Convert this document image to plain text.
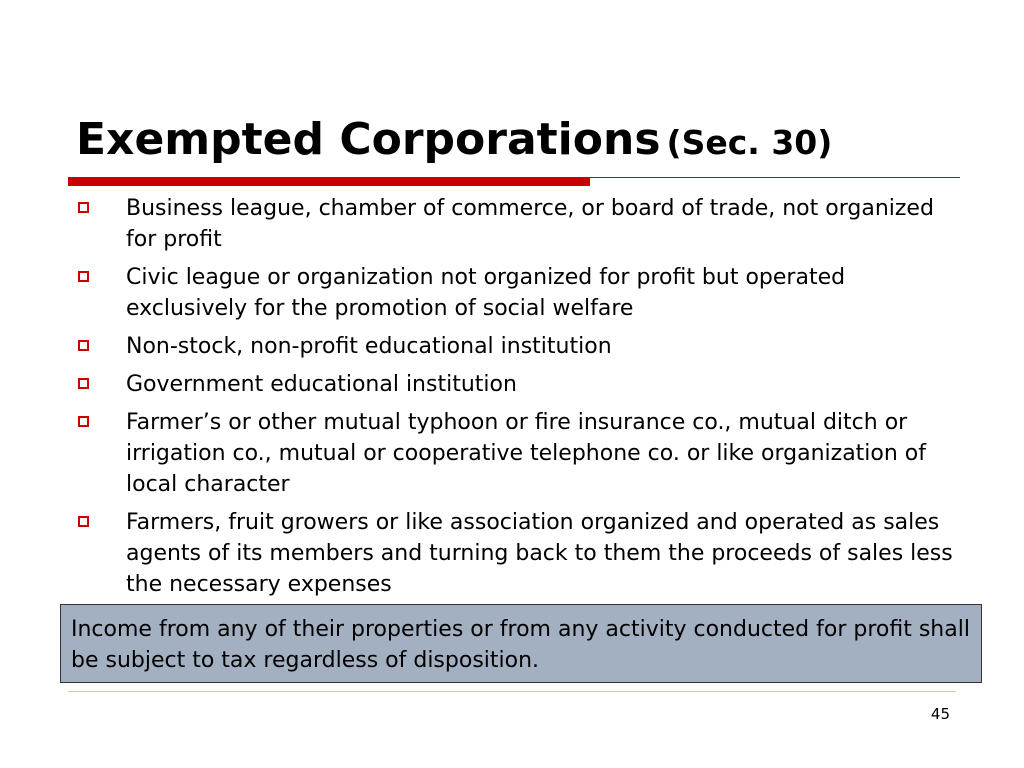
Exempted Corporations (Sec. 30)
Business league, chamber of commerce, or board of trade, not organized for profit
Civic league or organization not organized for profit but operated exclusively for the promotion of social welfare
Non-stock, non-profit educational institution
Government educational institution
Farmer’s or other mutual typhoon or fire insurance co., mutual ditch or irrigation co., mutual or cooperative telephone co. or like organization of local character
Farmers, fruit growers or like association organized and operated as sales agents of its members and turning back to them the proceeds of sales less the necessary expenses
Income from any of their properties or from any activity conducted for profit shall be subject to tax regardless of disposition.
45
